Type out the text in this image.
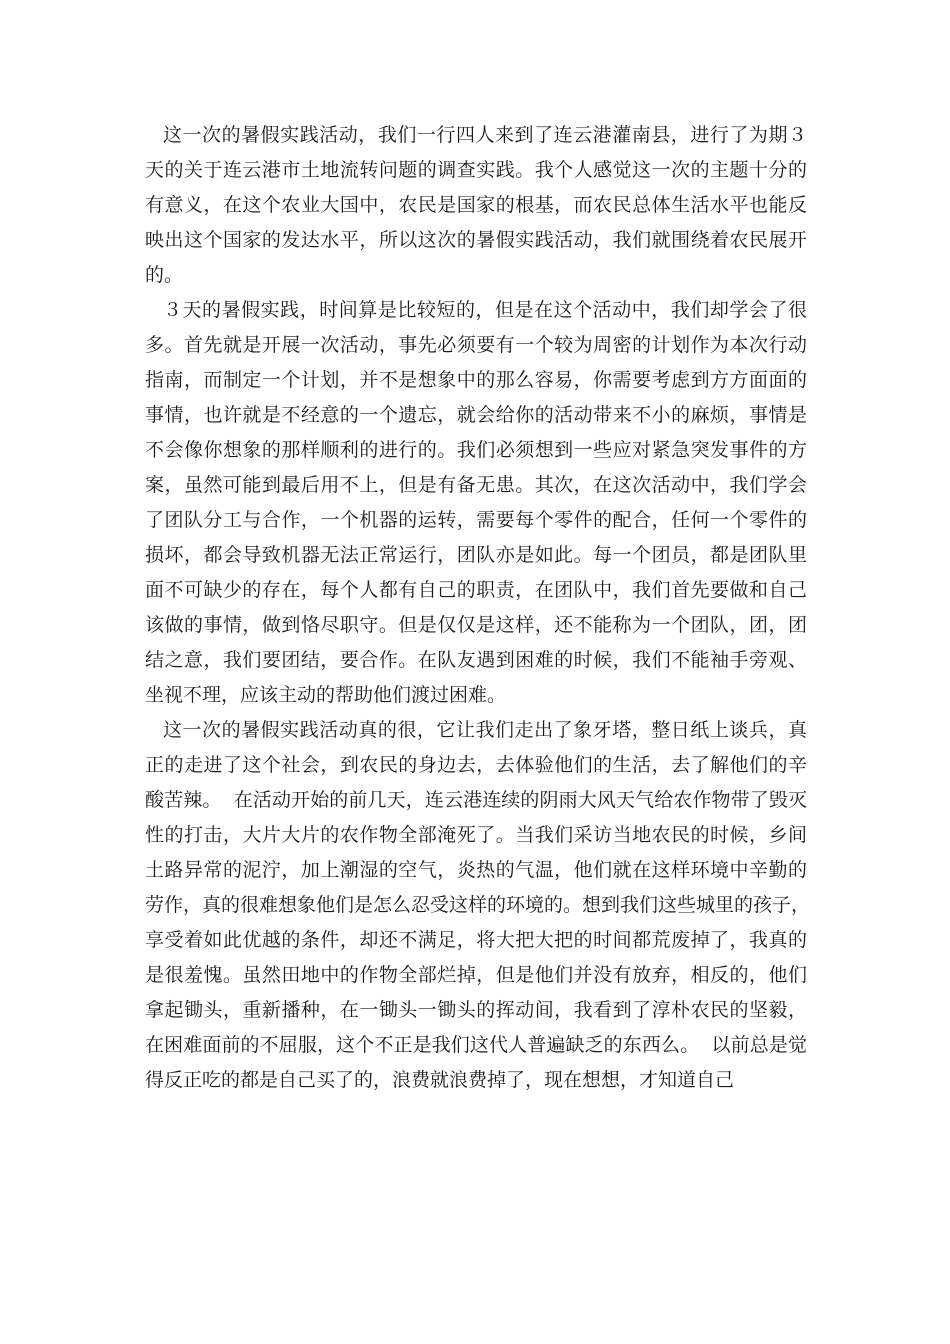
这一次的暑假实践活动，我们一行四人来到了连云港灌南县，进行了为期３
天的关于连云港市土地流转问题的调查实践。我个人感觉这一次的主题十分的
有意义，在这个农业大国中，农民是国家的根基，而农民总体生活水平也能反
映出这个国家的发达水平，所以这次的暑假实践活动，我们就围绕着农民展开
的。
３天的暑假实践，时间算是比较短的，但是在这个活动中，我们却学会了很
多。首先就是开展一次活动，事先必须要有一个较为周密的计划作为本次行动
指南，而制定一个计划，并不是想象中的那么容易，你需要考虑到方方面面的
事情，也许就是不经意的一个遗忘，就会给你的活动带来不小的麻烦，事情是
不会像你想象的那样顺利的进行的。我们必须想到一些应对紧急突发事件的方
案，虽然可能到最后用不上，但是有备无患。其次，在这次活动中，我们学会
了团队分工与合作，一个机器的运转，需要每个零件的配合，任何一个零件的
损坏，都会导致机器无法正常运行，团队亦是如此。每一个团员，都是团队里
面不可缺少的存在，每个人都有自己的职责，在团队中，我们首先要做和自己
该做的事情，做到恪尽职守。但是仅仅是这样，还不能称为一个团队，团，团
结之意，我们要团结，要合作。在队友遇到困难的时候，我们不能袖手旁观、
坐视不理，应该主动的帮助他们渡过困难。
这一次的暑假实践活动真的很，它让我们走出了象牙塔，整日纸上谈兵，真
正的走进了这个社会，到农民的身边去，去体验他们的生活，去了解他们的辛
酸苦辣。  在活动开始的前几天，连云港连续的阴雨大风天气给农作物带了毁灭
性的打击，大片大片的农作物全部淹死了。当我们采访当地农民的时候，乡间
土路异常的泥泞，加上潮湿的空气，炎热的气温，他们就在这样环境中辛勤的
劳作，真的很难想象他们是怎么忍受这样的环境的。想到我们这些城里的孩子，
享受着如此优越的条件，却还不满足，将大把大把的时间都荒废掉了，我真的
是很羞愧。虽然田地中的作物全部烂掉，但是他们并没有放弃，相反的，他们
拿起锄头，重新播种，在一锄头一锄头的挥动间，我看到了淳朴农民的坚毅，
在困难面前的不屈服，这个不正是我们这代人普遍缺乏的东西么。  以前总是觉
得反正吃的都是自己买了的，浪费就浪费掉了，现在想想，才知道自己
